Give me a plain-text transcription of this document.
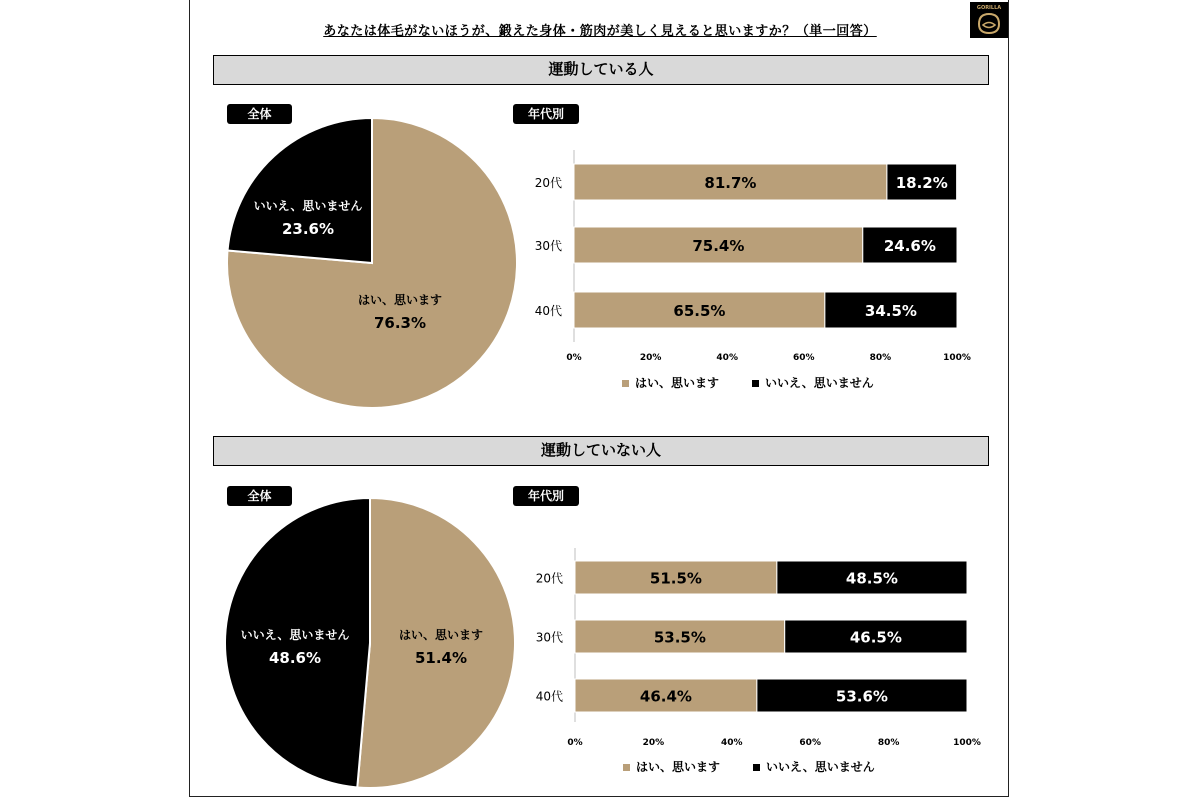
あなたは体毛がないほうが、鍛えた身体・筋肉が美しく見えると思いますか？（単一回答）
GORILLA
運動している人
全体	年代別
運動していない人
全体	年代別
はい、思います
76.3%
いいえ、思いません
23.6%
20代	81.7%	18.2%
30代	75.4%	24.6%
40代	65.5%	34.5%
0%	20%	40%	60%	80%	100%
はい、思います	いいえ、思いません
はい、思います
51.4%
いいえ、思いません
48.6%
20代	51.5%	48.5%
30代	53.5%	46.5%
40代	46.4%	53.6%
0%	20%	40%	60%	80%	100%
はい、思います	いいえ、思いません
